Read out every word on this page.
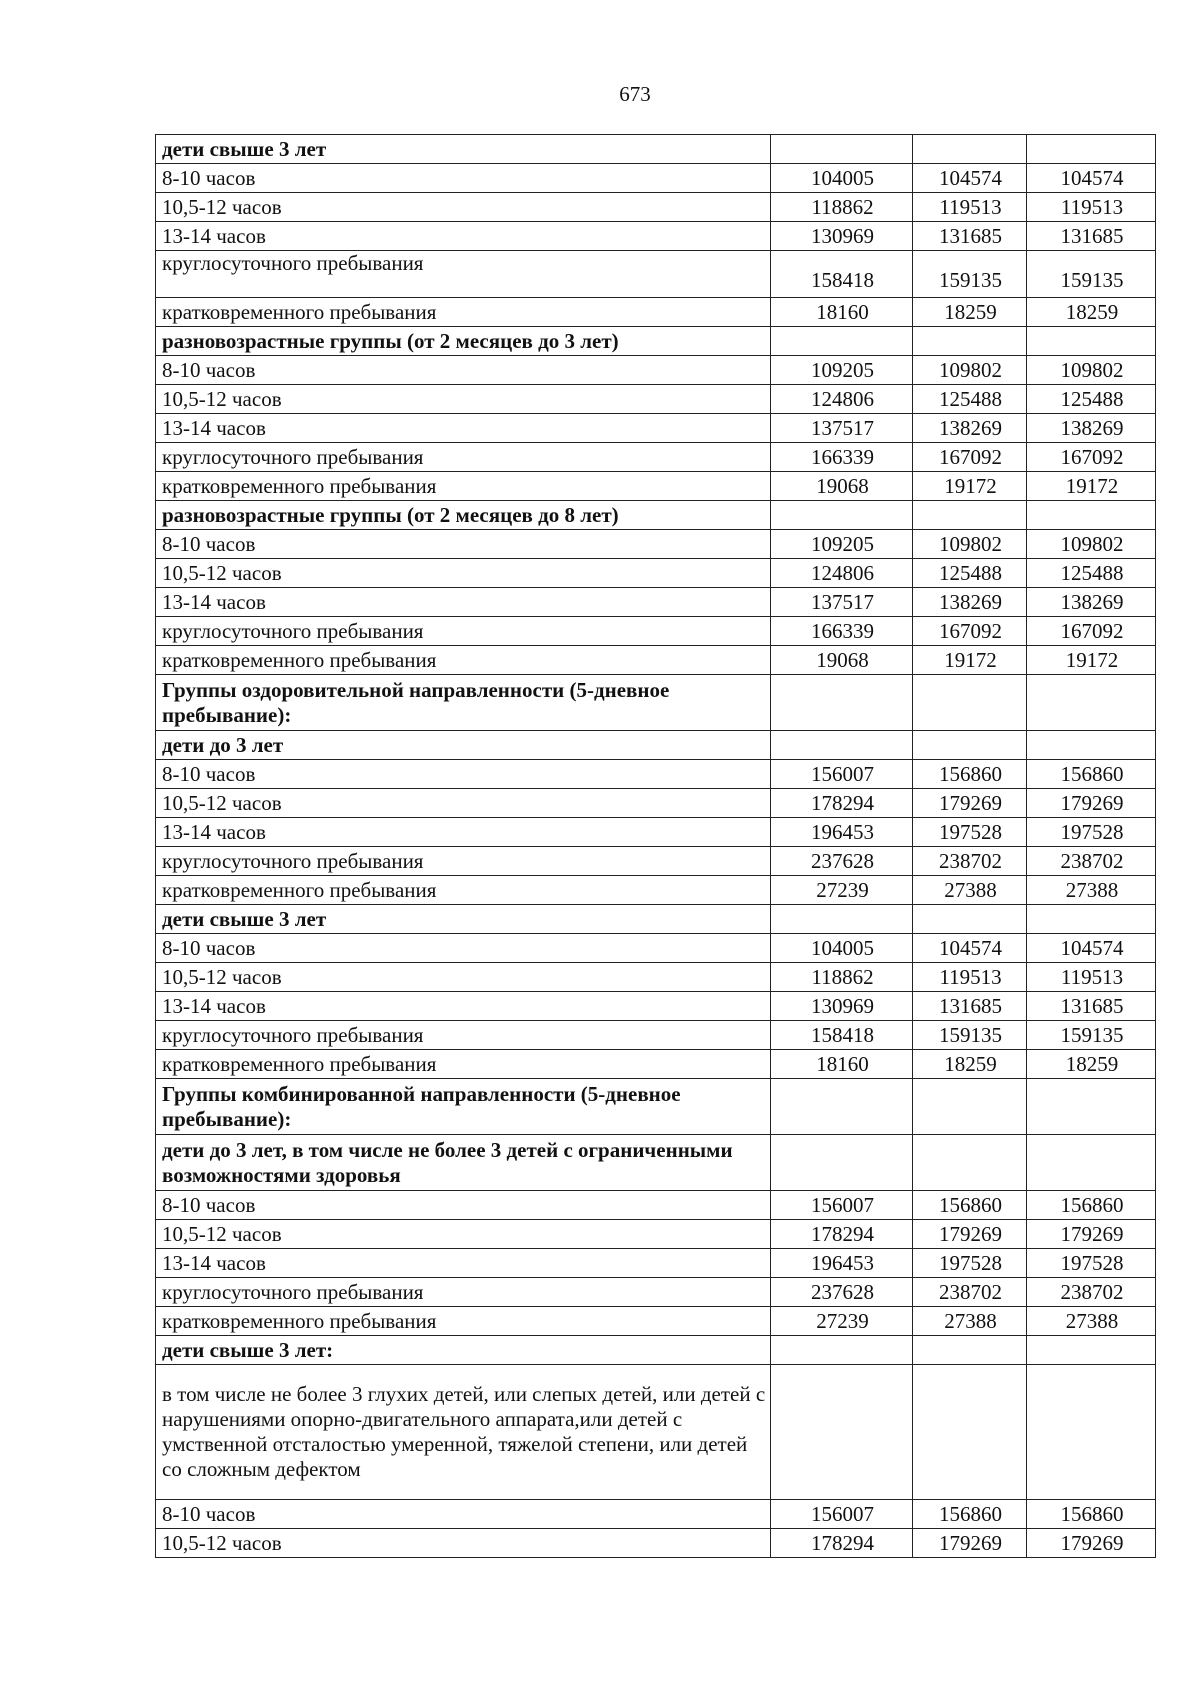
673
дети свыше 3 лет			
8-10 часов	104005	104574	104574
10,5-12 часов	118862	119513	119513
13-14 часов	130969	131685	131685
круглосуточного пребывания	158418	159135	159135
кратковременного пребывания	18160	18259	18259
разновозрастные группы (от 2 месяцев до 3 лет)			
8-10 часов	109205	109802	109802
10,5-12 часов	124806	125488	125488
13-14 часов	137517	138269	138269
круглосуточного пребывания	166339	167092	167092
кратковременного пребывания	19068	19172	19172
разновозрастные группы (от 2 месяцев до 8 лет)			
8-10 часов	109205	109802	109802
10,5-12 часов	124806	125488	125488
13-14 часов	137517	138269	138269
круглосуточного пребывания	166339	167092	167092
кратковременного пребывания	19068	19172	19172
Группы оздоровительной направленности (5-дневное пребывание):			
дети до 3 лет			
8-10 часов	156007	156860	156860
10,5-12 часов	178294	179269	179269
13-14 часов	196453	197528	197528
круглосуточного пребывания	237628	238702	238702
кратковременного пребывания	27239	27388	27388
дети свыше 3 лет			
8-10 часов	104005	104574	104574
10,5-12 часов	118862	119513	119513
13-14 часов	130969	131685	131685
круглосуточного пребывания	158418	159135	159135
кратковременного пребывания	18160	18259	18259
Группы комбинированной направленности (5-дневное пребывание):			
дети до 3 лет, в том числе не более 3 детей с ограниченными возможностями здоровья			
8-10 часов	156007	156860	156860
10,5-12 часов	178294	179269	179269
13-14 часов	196453	197528	197528
круглосуточного пребывания	237628	238702	238702
кратковременного пребывания	27239	27388	27388
дети свыше 3 лет:			
в том числе не более 3 глухих детей, или слепых детей, или детей с нарушениями опорно-двигательного аппарата,или детей с умственной отсталостью умеренной, тяжелой степени, или детей со сложным дефектом			
8-10 часов	156007	156860	156860
10,5-12 часов	178294	179269	179269
